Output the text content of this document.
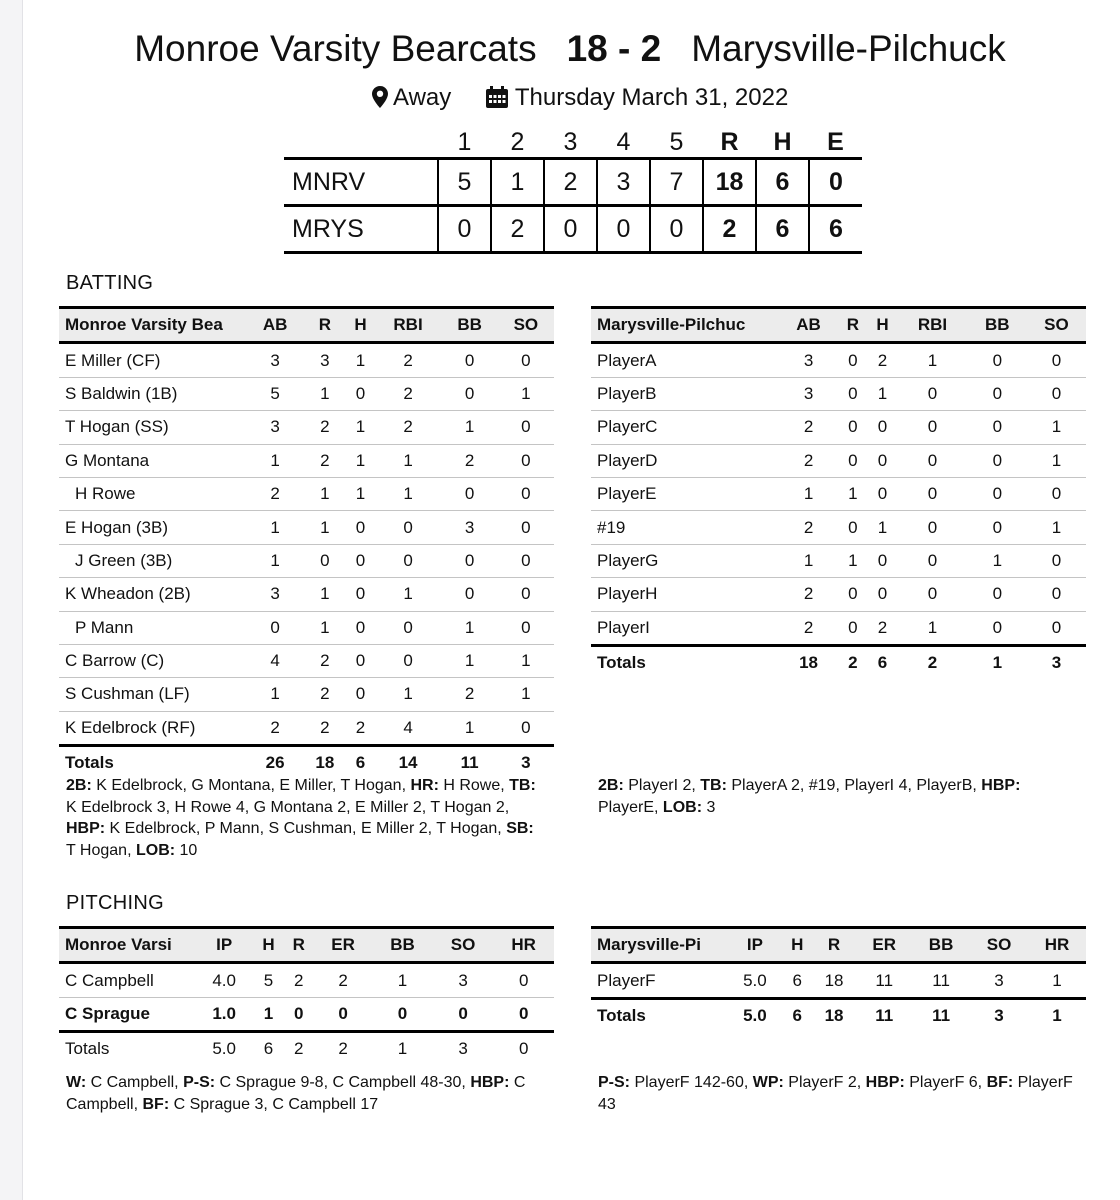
Monroe Varsity Bearcats 18 - 2 Marysville-Pilchuck
Away	Thursday March 31, 2022
	1	2	3	4	5	R	H	E
MNRV	5	1	2	3	7	18	6	0
MRYS	0	2	0	0	0	2	6	6
BATTING
Monroe Varsity Bea	AB	R	H	RBI	BB	SO
E Miller (CF)	3	3	1	2	0	0
S Baldwin (1B)	5	1	0	2	0	1
T Hogan (SS)	3	2	1	2	1	0
G Montana	1	2	1	1	2	0
H Rowe	2	1	1	1	0	0
E Hogan (3B)	1	1	0	0	3	0
J Green (3B)	1	0	0	0	0	0
K Wheadon (2B)	3	1	0	1	0	0
P Mann	0	1	0	0	1	0
C Barrow (C)	4	2	0	0	1	1
S Cushman (LF)	1	2	0	1	2	1
K Edelbrock (RF)	2	2	2	4	1	0
Totals	26	18	6	14	11	3
Marysville-Pilchuc	AB	R	H	RBI	BB	SO
PlayerA	3	0	2	1	0	0
PlayerB	3	0	1	0	0	0
PlayerC	2	0	0	0	0	1
PlayerD	2	0	0	0	0	1
PlayerE	1	1	0	0	0	0
#19	2	0	1	0	0	1
PlayerG	1	1	0	0	1	0
PlayerH	2	0	0	0	0	0
PlayerI	2	0	2	1	0	0
Totals	18	2	6	2	1	3
2B: K Edelbrock, G Montana, E Miller, T Hogan, HR: H Rowe, TB: K Edelbrock 3, H Rowe 4, G Montana 2, E Miller 2, T Hogan 2, HBP: K Edelbrock, P Mann, S Cushman, E Miller 2, T Hogan, SB: T Hogan, LOB: 10
2B: PlayerI 2, TB: PlayerA 2, #19, PlayerI 4, PlayerB, HBP: PlayerE, LOB: 3
PITCHING
Monroe Varsi	IP	H	R	ER	BB	SO	HR
C Campbell	4.0	5	2	2	1	3	0
C Sprague	1.0	1	0	0	0	0	0
Totals	5.0	6	2	2	1	3	0
Marysville-Pi	IP	H	R	ER	BB	SO	HR
PlayerF	5.0	6	18	11	11	3	1
Totals	5.0	6	18	11	11	3	1
W: C Campbell, P-S: C Sprague 9-8, C Campbell 48-30, HBP: C Campbell, BF: C Sprague 3, C Campbell 17
P-S: PlayerF 142-60, WP: PlayerF 2, HBP: PlayerF 6, BF: PlayerF 43
